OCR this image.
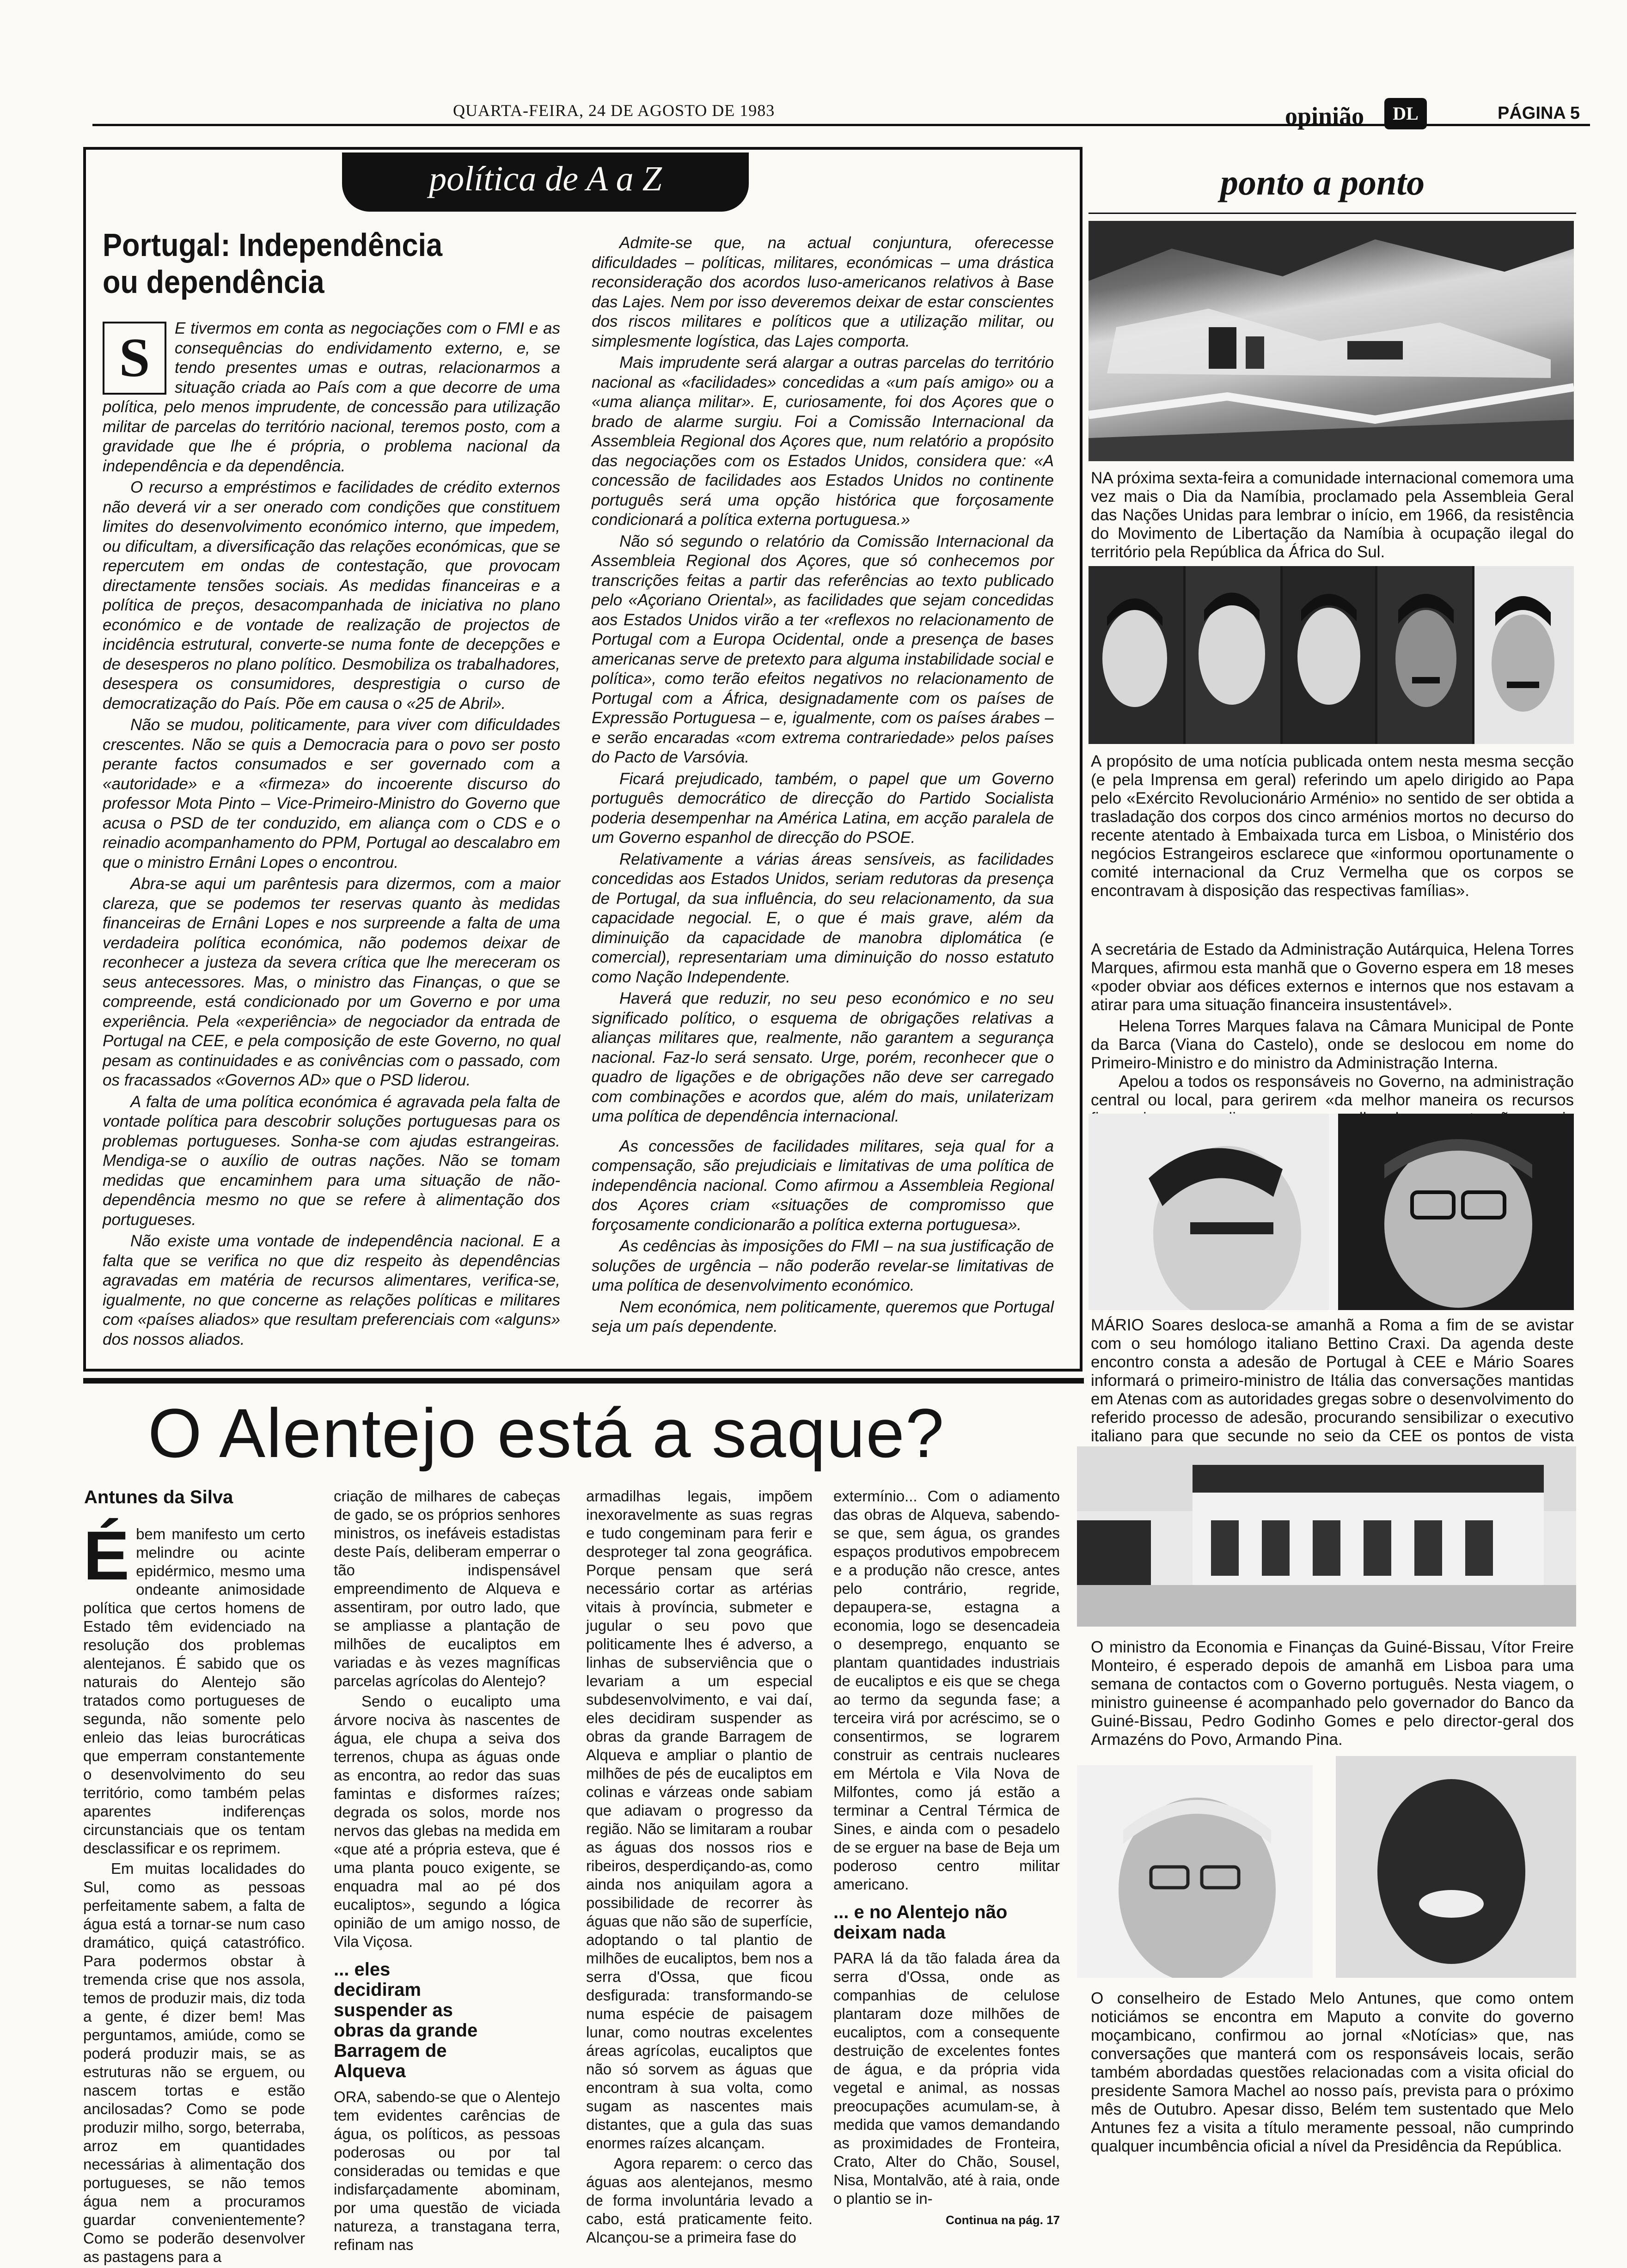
QUARTA-FEIRA, 24 DE AGOSTO DE 1983	opinião	DL	PÁGINA 5
política de A a Z
Portugal: Independência
ou dependência

S	E tivermos em conta as negociações com o FMI e as consequências do endividamento externo, e, se tendo presentes umas e outras, relacionarmos a situação criada ao País com a que decorre de uma política, pelo menos imprudente, de concessão para utilização militar de parcelas do território nacional, teremos posto, com a gravidade que lhe é própria, o problema nacional da independência e da dependência.

O recurso a empréstimos e facilidades de crédito externos não deverá vir a ser onerado com condições que constituem limites do desenvolvimento económico interno, que impedem, ou dificultam, a diversificação das relações económicas, que se repercutem em ondas de contestação, que provocam directamente tensões sociais. As medidas financeiras e a política de preços, desacompanhada de iniciativa no plano económico e de vontade de realização de projectos de incidência estrutural, converte-se numa fonte de decepções e de desesperos no plano político. Desmobiliza os trabalhadores, desespera os consumidores, desprestigia o curso de democratização do País. Põe em causa o «25 de Abril».

Não se mudou, politicamente, para viver com dificuldades crescentes. Não se quis a Democracia para o povo ser posto perante factos consumados e ser governado com a «autoridade» e a «firmeza» do incoerente discurso do professor Mota Pinto – Vice-Primeiro-Ministro do Governo que acusa o PSD de ter conduzido, em aliança com o CDS e o reinadio acompanhamento do PPM, Portugal ao descalabro em que o ministro Ernâni Lopes o encontrou.

Abra-se aqui um parêntesis para dizermos, com a maior clareza, que se podemos ter reservas quanto às medidas financeiras de Ernâni Lopes e nos surpreende a falta de uma verdadeira política económica, não podemos deixar de reconhecer a justeza da severa crítica que lhe mereceram os seus antecessores. Mas, o ministro das Finanças, o que se compreende, está condicionado por um Governo e por uma experiência. Pela «experiência» de negociador da entrada de Portugal na CEE, e pela composição de este Governo, no qual pesam as continuidades e as conivências com o passado, com os fracassados «Governos AD» que o PSD liderou.

A falta de uma política económica é agravada pela falta de vontade política para descobrir soluções portuguesas para os problemas portugueses. Sonha-se com ajudas estrangeiras. Mendiga-se o auxílio de outras nações. Não se tomam medidas que encaminhem para uma situação de não-dependência mesmo no que se refere à alimentação dos portugueses.

Não existe uma vontade de independência nacional. E a falta que se verifica no que diz respeito às dependências agravadas em matéria de recursos alimentares, verifica-se, igualmente, no que concerne as relações políticas e militares com «países aliados» que resultam preferenciais com «alguns» dos nossos aliados.

Admite-se que, na actual conjuntura, oferecesse dificuldades – políticas, militares, económicas – uma drástica reconsideração dos acordos luso-americanos relativos à Base das Lajes. Nem por isso deveremos deixar de estar conscientes dos riscos militares e políticos que a utilização militar, ou simplesmente logística, das Lajes comporta.

Mais imprudente será alargar a outras parcelas do território nacional as «facilidades» concedidas a «um país amigo» ou a «uma aliança militar». E, curiosamente, foi dos Açores que o brado de alarme surgiu. Foi a Comissão Internacional da Assembleia Regional dos Açores que, num relatório a propósito das negociações com os Estados Unidos, considera que: «A concessão de facilidades aos Estados Unidos no continente português será uma opção histórica que forçosamente condicionará a política externa portuguesa.»

Não só segundo o relatório da Comissão Internacional da Assembleia Regional dos Açores, que só conhecemos por transcrições feitas a partir das referências ao texto publicado pelo «Açoriano Oriental», as facilidades que sejam concedidas aos Estados Unidos virão a ter «reflexos no relacionamento de Portugal com a Europa Ocidental, onde a presença de bases americanas serve de pretexto para alguma instabilidade social e política», como terão efeitos negativos no relacionamento de Portugal com a África, designadamente com os países de Expressão Portuguesa – e, igualmente, com os países árabes – e serão encaradas «com extrema contrariedade» pelos países do Pacto de Varsóvia.

Ficará prejudicado, também, o papel que um Governo português democrático de direcção do Partido Socialista poderia desempenhar na América Latina, em acção paralela de um Governo espanhol de direcção do PSOE.

Relativamente a várias áreas sensíveis, as facilidades concedidas aos Estados Unidos, seriam redutoras da presença de Portugal, da sua influência, do seu relacionamento, da sua capacidade negocial. E, o que é mais grave, além da diminuição da capacidade de manobra diplomática (e comercial), representariam uma diminuição do nosso estatuto como Nação Independente.

Haverá que reduzir, no seu peso económico e no seu significado político, o esquema de obrigações relativas a alianças militares que, realmente, não garantem a segurança nacional. Faz-lo será sensato. Urge, porém, reconhecer que o quadro de ligações e de obrigações não deve ser carregado com combinações e acordos que, além do mais, unilaterizam uma política de dependência internacional.

As concessões de facilidades militares, seja qual for a compensação, são prejudiciais e limitativas de uma política de independência nacional. Como afirmou a Assembleia Regional dos Açores criam «situações de compromisso que forçosamente condicionarão a política externa portuguesa».

As cedências às imposições do FMI – na sua justificação de soluções de urgência – não poderão revelar-se limitativas de uma política de desenvolvimento económico.

Nem económica, nem politicamente, queremos que Portugal seja um país dependente.

ponto a ponto
NA próxima sexta-feira a comunidade internacional comemora uma vez mais o Dia da Namíbia, proclamado pela Assembleia Geral das Nações Unidas para lembrar o início, em 1966, da resistência do Movimento de Libertação da Namíbia à ocupação ilegal do território pela República da África do Sul.
A propósito de uma notícia publicada ontem nesta mesma secção (e pela Imprensa em geral) referindo um apelo dirigido ao Papa pelo «Exército Revolucionário Arménio» no sentido de ser obtida a trasladação dos corpos dos cinco arménios mortos no decurso do recente atentado à Embaixada turca em Lisboa, o Ministério dos negócios Estrangeiros esclarece que «informou oportunamente o comité internacional da Cruz Vermelha que os corpos se encontravam à disposição das respectivas famílias».

A secretária de Estado da Administração Autárquica, Helena Torres Marques, afirmou esta manhã que o Governo espera em 18 meses «poder obviar aos défices externos e internos que nos estavam a atirar para uma situação financeira insustentável».

Helena Torres Marques falava na Câmara Municipal de Ponte da Barca (Viana do Castelo), onde se deslocou em nome do Primeiro-Ministro e do ministro da Administração Interna.

Apelou a todos os responsáveis no Governo, na administração central ou local, para gerirem «da melhor maneira os recursos

MÁRIO Soares desloca-se amanhã a Roma a fim de se avistar com o seu homólogo italiano Bettino Craxi. Da agenda deste encontro consta a adesão de Portugal à CEE e Mário Soares informará o primeiro-ministro de Itália das conversações mantidas em Atenas com as autoridades gregas sobre o desenvolvimento do referido processo de adesão, procurando sensibilizar o executivo italiano para que secunde no seio da CEE os pontos de vista
O ministro da Economia e Finanças da Guiné-Bissau, Vítor Freire Monteiro, é esperado depois de amanhã em Lisboa para uma semana de contactos com o Governo português. Nesta viagem, o ministro guineense é acompanhado pelo governador do Banco da Guiné-Bissau, Pedro Godinho Gomes e pelo director-geral dos Armazéns do Povo, Armando Pina.
O conselheiro de Estado Melo Antunes, que como ontem noticiámos se encontra em Maputo a convite do governo moçambicano, confirmou ao jornal «Notícias» que, nas conversações que manterá com os responsáveis locais, serão também abordadas questões relacionadas com a visita oficial do presidente Samora Machel ao nosso país, prevista para o próximo mês de Outubro. Apesar disso, Belém tem sustentado que Melo Antunes fez a visita a título meramente pessoal, não cumprindo qualquer incumbência oficial a nível da Presidência da República.
O Alentejo está a saque?
Antunes da Silva

Ébem manifesto um certo melindre ou acinte epidérmico, mesmo uma ondeante animosidade política que certos homens de Estado têm evidenciado na resolução dos problemas alentejanos. É sabido que os naturais do Alentejo são tratados como portugueses de segunda, não somente pelo enleio das leias burocráticas que emperram constantemente o desenvolvimento do seu território, como também pelas aparentes indiferenças circunstanciais que os tentam desclassificar e os reprimem.

Em muitas localidades do Sul, como as pessoas perfeitamente sabem, a falta de água está a tornar-se num caso dramático, quiçá catastrófico. Para podermos obstar à tremenda crise que nos assola, temos de produzir mais, diz toda a gente, é dizer bem! Mas perguntamos, amiúde, como se poderá produzir mais, se as estruturas não se erguem, ou nascem tortas e estão ancilosadas? Como se pode produzir milho, sorgo, beterraba, arroz em quantidades necessárias à alimentação dos portugueses, se não temos água nem a procuramos guardar convenientemente? Como se poderão desenvolver as pastagens para a

criação de milhares de cabeças de gado, se os próprios senhores ministros, os inefáveis estadistas deste País, deliberam emperrar o tão indispensável empreendimento de Alqueva e assentiram, por outro lado, que se ampliasse a plantação de milhões de eucaliptos em variadas e às vezes magníficas parcelas agrícolas do Alentejo?

Sendo o eucalipto uma árvore nociva às nascentes de água, ele chupa a seiva dos terrenos, chupa as águas onde as encontra, ao redor das suas famintas e disformes raízes; degrada os solos, morde nos nervos das glebas na medida em «que até a própria esteva, que é uma planta pouco exigente, se enquadra mal ao pé dos eucaliptos», segundo a lógica opinião de um amigo nosso, de Vila Viçosa.

... eles decidiram suspender as obras da grande Barragem de Alqueva

ORA, sabendo-se que o Alentejo tem evidentes carências de água, os políticos, as pessoas poderosas ou por tal consideradas ou temidas e que indisfarçadamente abominam, por uma questão de viciada natureza, a transtagana terra, refinam nas

armadilhas legais, impõem inexoravelmente as suas regras e tudo congeminam para ferir e desproteger tal zona geográfica. Porque pensam que será necessário cortar as artérias vitais à província, submeter e jugular o seu povo que politicamente lhes é adverso, a linhas de subserviência que o levariam a um especial subdesenvolvimento, e vai daí, eles decidiram suspender as obras da grande Barragem de Alqueva e ampliar o plantio de milhões de pés de eucaliptos em colinas e várzeas onde sabiam que adiavam o progresso da região. Não se limitaram a roubar as águas dos nossos rios e ribeiros, desperdiçando-as, como ainda nos aniquilam agora a possibilidade de recorrer às águas que não são de superfície, adoptando o tal plantio de milhões de eucaliptos, bem nos a serra d'Ossa, que ficou desfigurada: transformando-se numa espécie de paisagem lunar, como noutras excelentes áreas agrícolas, eucaliptos que não só sorvem as águas que encontram à sua volta, como sugam as nascentes mais distantes, que a gula das suas enormes raízes alcançam.

Agora reparem: o cerco das águas aos alentejanos, mesmo de forma involuntária levado a cabo, está praticamente feito. Alcançou-se a primeira fase do

extermínio... Com o adiamento das obras de Alqueva, sabendo-se que, sem água, os grandes espaços produtivos empobrecem e a produção não cresce, antes pelo contrário, regride, depaupera-se, estagna a economia, logo se desencadeia o desemprego, enquanto se plantam quantidades industriais de eucaliptos e eis que se chega ao termo da segunda fase; a terceira virá por acréscimo, se o consentirmos, se lograrem construir as centrais nucleares em Mértola e Vila Nova de Milfontes, como já estão a terminar a Central Térmica de Sines, e ainda com o pesadelo de se erguer na base de Beja um poderoso centro militar americano.

... e no Alentejo não deixam nada

PARA lá da tão falada área da serra d'Ossa, onde as companhias de celulose plantaram doze milhões de eucaliptos, com a consequente destruição de excelentes fontes de água, e da própria vida vegetal e animal, as nossas preocupações acumulam-se, à medida que vamos demandando as proximidades de Fronteira, Crato, Alter do Chão, Sousel, Nisa, Montalvão, até à raia, onde o plantio se in-

Continua na pág. 17
